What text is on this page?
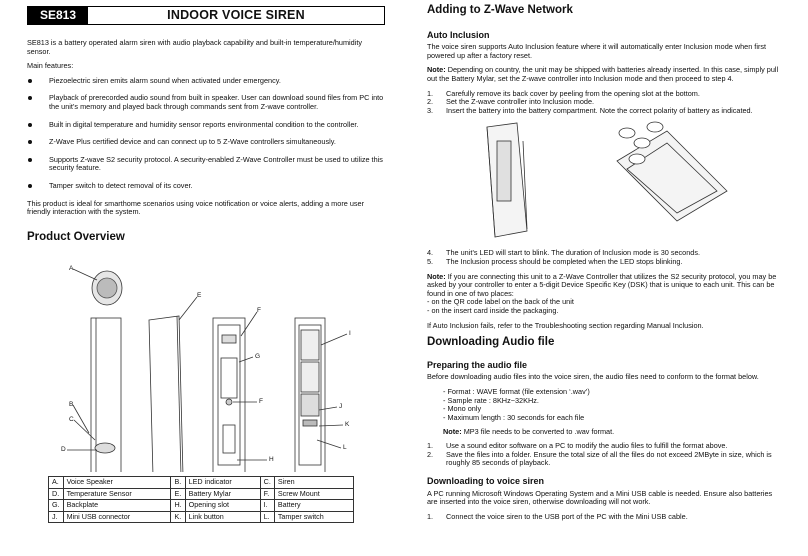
SE813	INDOOR VOICE SIREN

SE813 is a battery operated alarm siren with audio playback capability and built-in temperature/humidity sensor.

Main features:

Piezoelectric siren emits alarm sound when activated under emergency.
Playback of prerecorded audio sound from built in speaker. User can download sound files from PC into the unit’s memory and played back through commands sent from Z-wave controller.
Built in digital temperature and humidity sensor reports environmental condition to the controller.
Z-Wave Plus certified device and can connect up to 5 Z-Wave controllers simultaneously.
Supports Z-wave S2 security protocol. A security-enabled Z-Wave Controller must be used to utilize this security feature.
Tamper switch to detect removal of its cover.

This product is ideal for smarthome scenarios using voice notification or voice alerts, adding a more user friendly interaction with the system.

Product Overview
A
B
C
D
E
F
G
F
H
I
J
K
L
A.	Voice Speaker	B.	LED indicator	C.	Siren
D.	Temperature Sensor	E.	Battery Mylar	F.	Screw Mount
G.	Backplate	H.	Opening slot	I.	Battery
J.	Mini USB connector	K.	Link button	L.	Tamper switch
Adding to Z-Wave Network
Auto Inclusion

The voice siren supports Auto Inclusion feature where it will automatically enter Inclusion mode when first powered up after a factory reset.

Note: Depending on country, the unit may be shipped with batteries already inserted. In this case, simply pull out the Battery Mylar, set the Z-wave controller into Inclusion mode and then proceed to step 4.

1.	Carefully remove its back cover by peeling from the opening slot at the bottom.
2.	Set the Z-wave controller into Inclusion mode.
3.	Insert the battery into the battery compartment. Note the correct polarity of battery as indicated.
4.	The unit’s LED will start to blink. The duration of Inclusion mode is 30 seconds.
5.	The Inclusion process should be completed when the LED stops blinking.

Note: If you are connecting this unit to a Z-Wave Controller that utilizes the S2 security protocol, you may be asked by your controller to enter a 5-digit Device Specific Key (DSK) that is unique to each unit. This can be found in one of two places:
- on the QR code label on the back of the unit
- on the insert card inside the packaging.

If Auto Inclusion fails, refer to the Troubleshooting section regarding Manual Inclusion.

Downloading Audio file
Preparing the audio file

Before downloading audio files into the voice siren, the audio files need to conform to the format below.

- Format : WAVE format (file extension ‘.wav’)
- Sample rate : 8KHz~32KHz.
- Mono only
- Maximum length : 30 seconds for each file

Note: MP3 file needs to be converted to .wav format.

1.	Use a sound editor software on a PC to modify the audio files to fulfill the format above.
2.	Save the files into a folder. Ensure the total size of all the files do not exceed 2MByte in size, which is roughly 85 seconds of playback.
Downloading to voice siren

A PC running Microsoft Windows Operating System and a Mini USB cable is needed. Ensure also batteries are inserted into the voice siren, otherwise downloading will not work.

1.	Connect the voice siren to the USB port of the PC with the Mini USB cable.
